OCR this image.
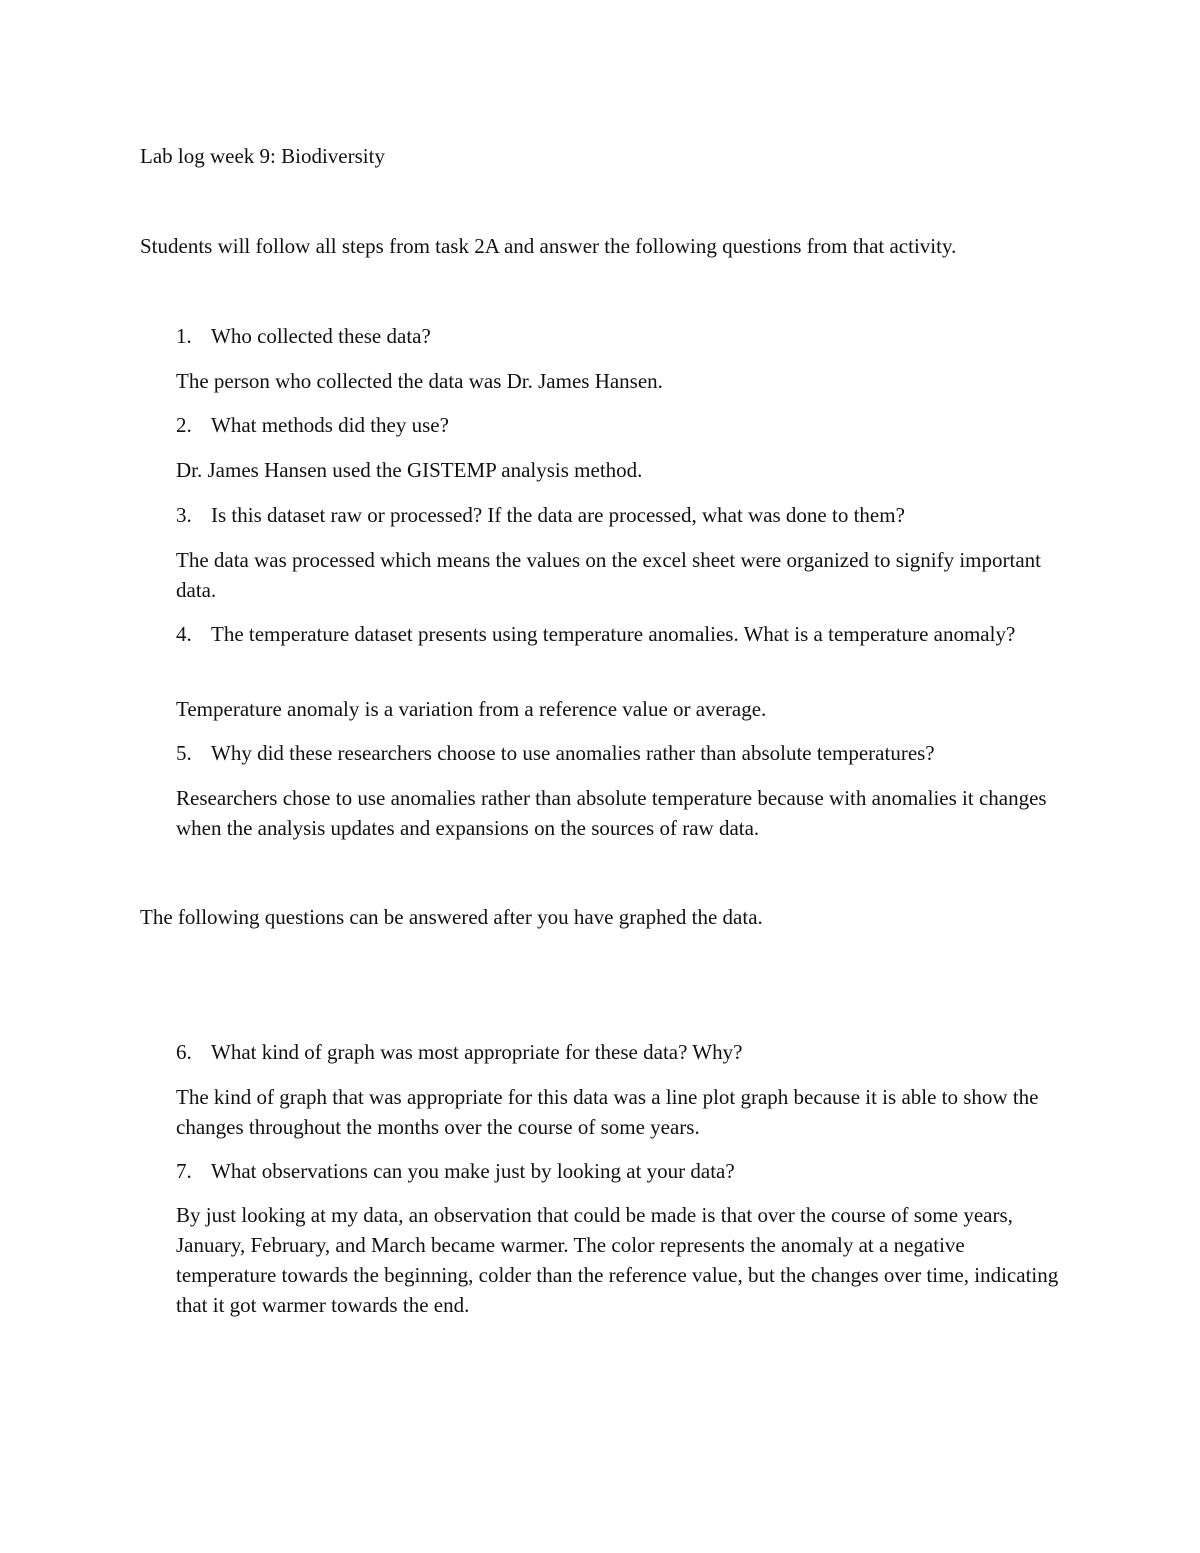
Lab log week 9: Biodiversity

Students will follow all steps from task 2A and answer the following questions from that activity.

1. Who collected these data?

The person who collected the data was Dr. James Hansen.

2. What methods did they use?

Dr. James Hansen used the GISTEMP analysis method.

3. Is this dataset raw or processed? If the data are processed, what was done to them?

The data was processed which means the values on the excel sheet were organized to signify important data.

4. The temperature dataset presents using temperature anomalies. What is a temperature anomaly?

Temperature anomaly is a variation from a reference value or average.

5. Why did these researchers choose to use anomalies rather than absolute temperatures?

Researchers chose to use anomalies rather than absolute temperature because with anomalies it changes when the analysis updates and expansions on the sources of raw data.

The following questions can be answered after you have graphed the data.

6. What kind of graph was most appropriate for these data? Why?

The kind of graph that was appropriate for this data was a line plot graph because it is able to show the changes throughout the months over the course of some years.

7. What observations can you make just by looking at your data?

By just looking at my data, an observation that could be made is that over the course of some years, January, February, and March became warmer. The color represents the anomaly at a negative temperature towards the beginning, colder than the reference value, but the changes over time, indicating that it got warmer towards the end.
